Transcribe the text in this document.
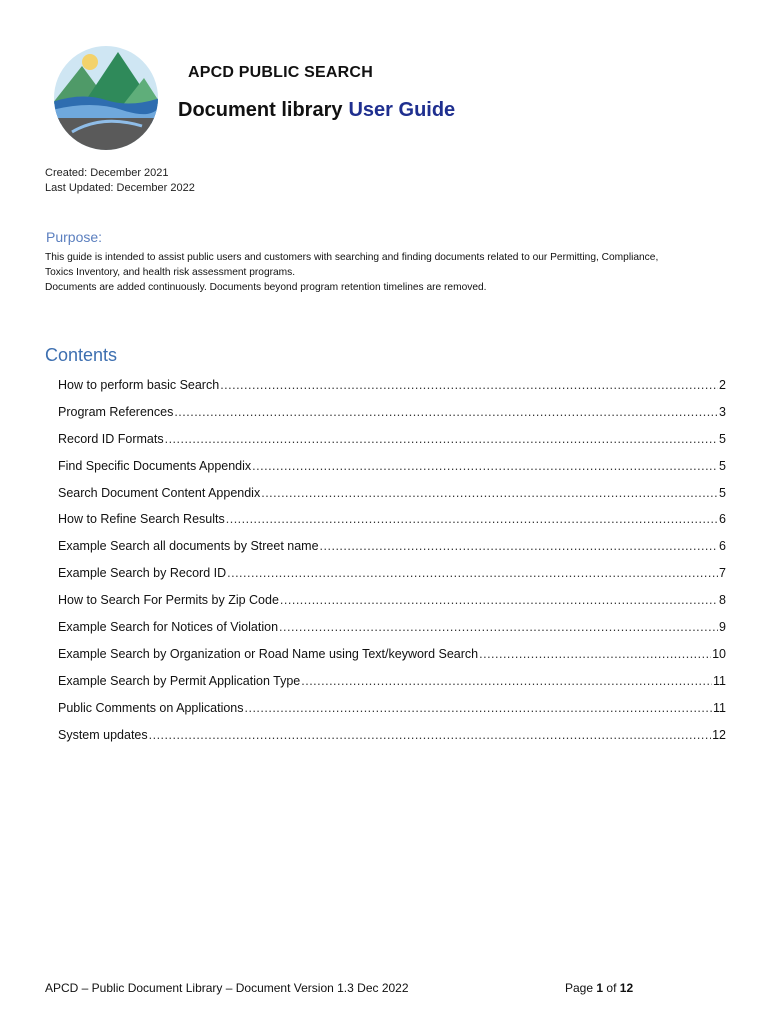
APCD PUBLIC SEARCH
Document library User Guide
Created: December 2021
Last Updated: December 2022
Purpose:

This guide is intended to assist public users and customers with searching and finding documents related to our Permitting, Compliance,

Toxics Inventory, and health risk assessment programs.

Documents are added continuously. Documents beyond program retention timelines are removed.

Contents
How to perform basic Search .....	2
Program References .....	3
Record ID Formats .....	5
Find Specific Documents Appendix .....	5
Search Document Content Appendix .....	5
How to Refine Search Results .....	6
Example Search all documents by Street name .....	6
Example Search by Record ID .....	7
How to Search For Permits by Zip Code .....	8
Example Search for Notices of Violation .....	9
Example Search by Organization or Road Name using Text/keyword Search .....	10
Example Search by Permit Application Type .....	11
Public Comments on Applications .....	11
System updates .....	12
APCD – Public Document Library – Document Version 1.3 Dec 2022	Page 1 of 12
